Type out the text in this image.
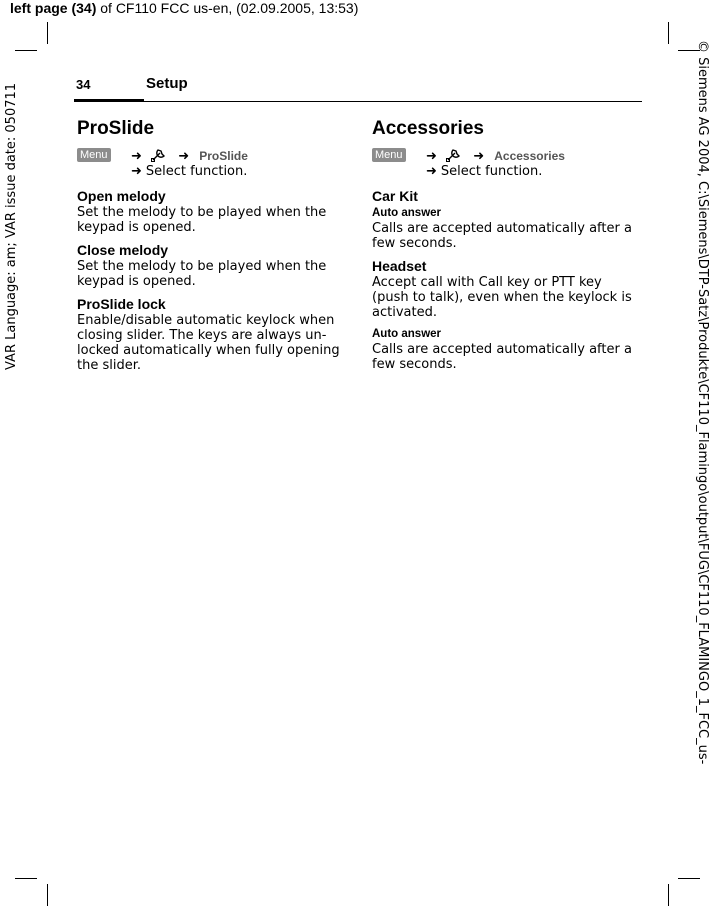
left page (34) of CF110 FCC us-en, (02.09.2005, 13:53)
VAR Language: am; VAR issue date: 050711	© Siemens AG 2004, C:\Siemens\DTP-Satz\Produkte\CF110_Flamingo\output\FUG\CF110_FLAMINGO_1_FCC_us-
34	Setup
ProSlide
Menu ➜	➜ ProSlide
➜ Select function.
Open melody

Set the melody to be played when the keypad is opened.

Close melody

Set the melody to be played when the keypad is opened.

ProSlide lock

Enable/disable automatic keylock when closing slider. The keys are always un-locked automatically when fully opening the slider.

Accessories
Menu ➜	➜ Accessories
➜ Select function.
Car Kit
Auto answer

Calls are accepted automatically after a few seconds.

Headset

Accept call with Call key or PTT key (push to talk), even when the keylock is activated.

Auto answer

Calls are accepted automatically after a few seconds.
